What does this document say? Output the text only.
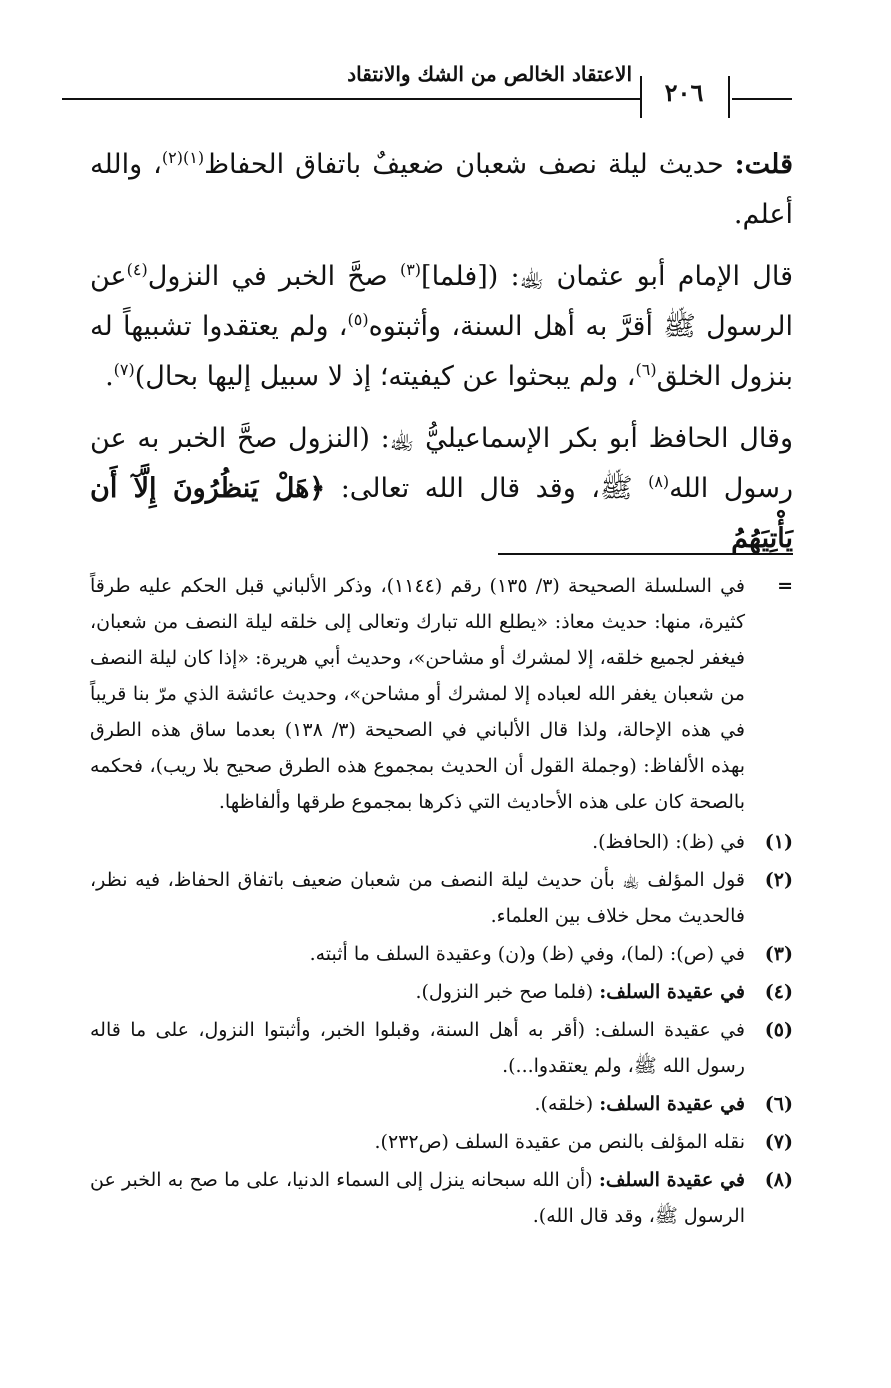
الاعتقاد الخالص من الشك والانتقاد
٢٠٦

قلت: حديث ليلة نصف شعبان ضعيفٌ باتفاق الحفاظ$^{(١)(٢)}$، والله أعلم.

قال الإمام أبو عثمان ﵀: ([فلما]$^{(٣)}$ صحَّ الخبر في النزول$^{(٤)}$عن الرسول ﷺ أقرَّ به أهل السنة، وأثبتوه$^{(٥)}$، ولم يعتقدوا تشبيهاً له بنزول الخلق$^{(٦)}$، ولم يبحثوا عن كيفيته؛ إذ لا سبيل إليها بحال)$^{(٧)}$.

وقال الحافظ أبو بكر الإسماعيليُّ ﵀: (النزول صحَّ الخبر به عن رسول الله$^{(٨)}$ ﷺ، وقد قال الله تعالى: ﴿هَلْ يَنظُرُونَ إِلَّآ أَن يَأْتِيَهُمُ

=
في السلسلة الصحيحة (٣/ ١٣٥) رقم (١١٤٤)، وذكر الألباني قبل الحكم عليه طرقاً كثيرة، منها: حديث معاذ: «يطلع الله تبارك وتعالى إلى خلقه ليلة النصف من شعبان، فيغفر لجميع خلقه، إلا لمشرك أو مشاحن»، وحديث أبي هريرة: «إذا كان ليلة النصف من شعبان يغفر الله لعباده إلا لمشرك أو مشاحن»، وحديث عائشة الذي مرّ بنا قريباً في هذه الإحالة، ولذا قال الألباني في الصحيحة (٣/ ١٣٨) بعدما ساق هذه الطرق بهذه الألفاظ: (وجملة القول أن الحديث بمجموع هذه الطرق صحيح بلا ريب)، فحكمه بالصحة كان على هذه الأحاديث التي ذكرها بمجموع طرقها وألفاظها.
(١)
في (ظ): (الحافظ).
(٢)
قول المؤلف ﵀ بأن حديث ليلة النصف من شعبان ضعيف باتفاق الحفاظ، فيه نظر، فالحديث محل خلاف بين العلماء.
(٣)
في (ص): (لما)، وفي (ظ) و(ن) وعقيدة السلف ما أثبته.
(٤)
في عقيدة السلف: (فلما صح خبر النزول).
(٥)
في عقيدة السلف: (أقر به أهل السنة، وقبلوا الخبر، وأثبتوا النزول، على ما قاله رسول الله ﷺ، ولم يعتقدوا...).
(٦)
في عقيدة السلف: (خلقه).
(٧)
نقله المؤلف بالنص من عقيدة السلف (ص٢٣٢).
(٨)
في عقيدة السلف: (أن الله سبحانه ينزل إلى السماء الدنيا، على ما صح به الخبر عن الرسول ﷺ، وقد قال الله).
